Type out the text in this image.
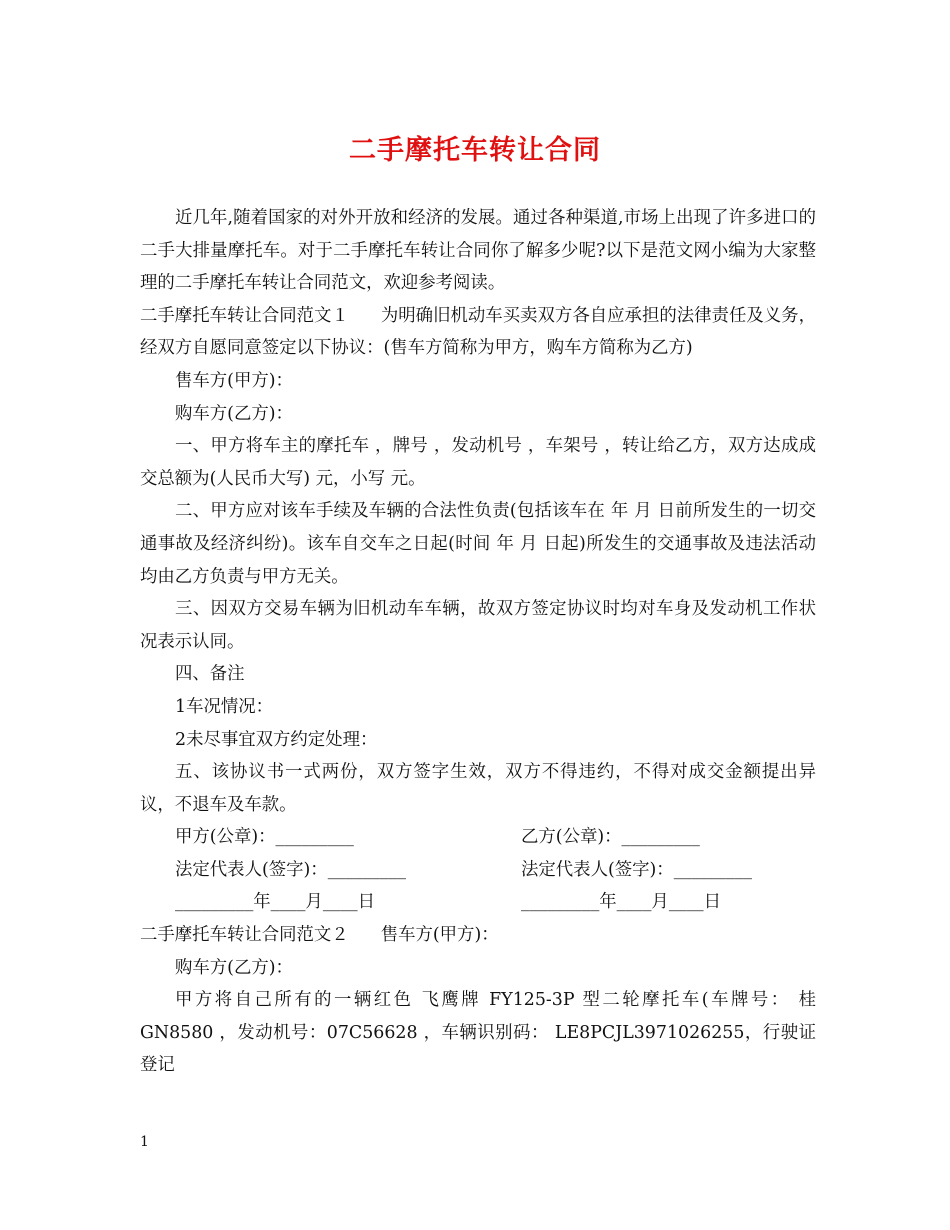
二手摩托车转让合同

近几年,随着国家的对外开放和经济的发展。通过各种渠道,市场上出现了许多进口的二手大排量摩托车。对于二手摩托车转让合同你了解多少呢?以下是范文网小编为大家整理的二手摩托车转让合同范文，欢迎参考阅读。

二手摩托车转让合同范文１ 为明确旧机动车买卖双方各自应承担的法律责任及义务，经双方自愿同意签定以下协议：(售车方简称为甲方，购车方简称为乙方)

售车方(甲方)：

购车方(乙方)：

一、甲方将车主的摩托车 ，牌号 ，发动机号 ，车架号 ，转让给乙方，双方达成成交总额为(人民币大写) 元，小写 元。

二、甲方应对该车手续及车辆的合法性负责(包括该车在 年 月 日前所发生的一切交通事故及经济纠纷)。该车自交车之日起(时间 年 月 日起)所发生的交通事故及违法活动均由乙方负责与甲方无关。

三、因双方交易车辆为旧机动车车辆，故双方签定协议时均对车身及发动机工作状况表示认同。

四、备注

1车况情况：

2未尽事宜双方约定处理：

五、该协议书一式两份，双方签字生效，双方不得违约，不得对成交金额提出异议，不退车及车款。

甲方(公章)：_________	乙方(公章)：_________
法定代表人(签字)：_________	法定代表人(签字)：_________
_________年____月____日	_________年____月____日

二手摩托车转让合同范文２ 售车方(甲方)：

购车方(乙方)：

甲方将自己所有的一辆红色 飞鹰牌 FY125-3P 型二轮摩托车(车牌号： 桂 GN8580 ，发动机号：07C56628 ，车辆识别码： LE8PCJL3971026255，行驶证登记

1
